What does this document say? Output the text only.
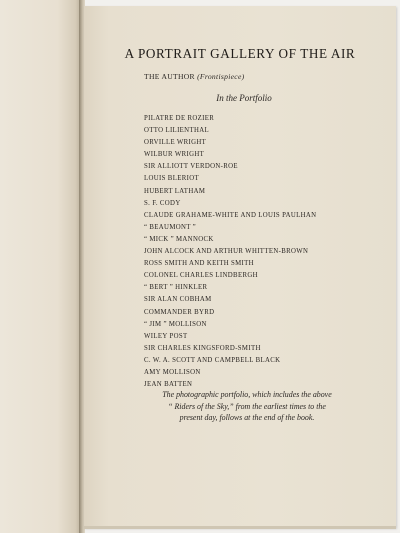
A PORTRAIT GALLERY OF THE AIR
THE AUTHOR (Frontispiece)
In the Portfolio
PILATRE DE ROZIER
OTTO LILIENTHAL
ORVILLE WRIGHT
WILBUR WRIGHT
SIR ALLIOTT VERDON-ROE
LOUIS BLERIOT
HUBERT LATHAM
S. F. CODY
CLAUDE GRAHAME-WHITE AND LOUIS PAULHAN
“ BEAUMONT ”
“ MICK ” MANNOCK
JOHN ALCOCK AND ARTHUR WHITTEN-BROWN
ROSS SMITH AND KEITH SMITH
COLONEL CHARLES LINDBERGH
“ BERT ” HINKLER
SIR ALAN COBHAM
COMMANDER BYRD
“ JIM ” MOLLISON
WILEY POST
SIR CHARLES KINGSFORD-SMITH
C. W. A. SCOTT AND CAMPBELL BLACK
AMY MOLLISON
JEAN BATTEN
The photographic portfolio, which includes the above
“ Riders of the Sky,” from the earliest times to the
present day, follows at the end of the book.
